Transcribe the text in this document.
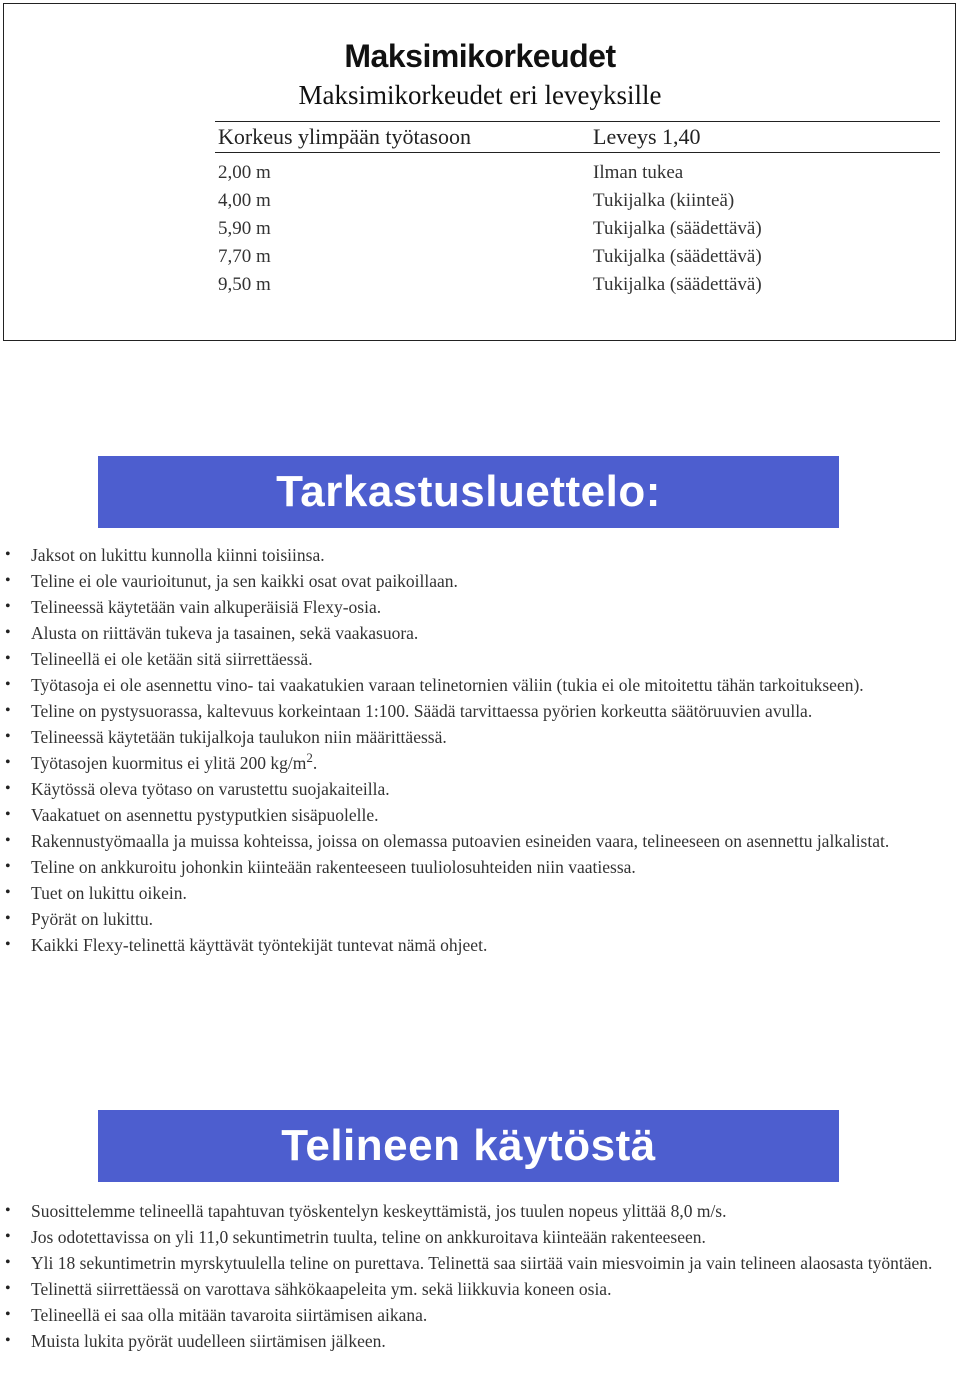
Maksimikorkeudet
Maksimikorkeudet eri leveyksille
Korkeus ylimpään työtasoon	Leveys 1,40
2,00 m	Ilman tukea
4,00 m	Tukijalka (kiinteä)
5,90 m	Tukijalka (säädettävä)
7,70 m	Tukijalka (säädettävä)
9,50 m	Tukijalka (säädettävä)
Tarkastusluettelo:
• Jaksot on lukittu kunnolla kiinni toisiinsa.
• Teline ei ole vaurioitunut, ja sen kaikki osat ovat paikoillaan.
• Telineessä käytetään vain alkuperäisiä Flexy-osia.
• Alusta on riittävän tukeva ja tasainen, sekä vaakasuora.
• Telineellä ei ole ketään sitä siirrettäessä.
• Työtasoja ei ole asennettu vino- tai vaakatukien varaan telinetornien väliin (tukia ei ole mitoitettu tähän tarkoitukseen).
• Teline on pystysuorassa, kaltevuus korkeintaan 1:100. Säädä tarvittaessa pyörien korkeutta säätöruuvien avulla.
• Telineessä käytetään tukijalkoja taulukon niin määrittäessä.
• Työtasojen kuormitus ei ylitä 200 $kg/m^2$.
• Käytössä oleva työtaso on varustettu suojakaiteilla.
• Vaakatuet on asennettu pystyputkien sisäpuolelle.
• Rakennustyömaalla ja muissa kohteissa, joissa on olemassa putoavien esineiden vaara, telineeseen on asennettu jalkalistat.
• Teline on ankkuroitu johonkin kiinteään rakenteeseen tuuliolosuhteiden niin vaatiessa.
• Tuet on lukittu oikein.
• Pyörät on lukittu.
• Kaikki Flexy-telinettä käyttävät työntekijät tuntevat nämä ohjeet.
Telineen käytöstä
• Suosittelemme telineellä tapahtuvan työskentelyn keskeyttämistä, jos tuulen nopeus ylittää 8,0 m/s.
• Jos odotettavissa on yli 11,0 sekuntimetrin tuulta, teline on ankkuroitava kiinteään rakenteeseen.
• Yli 18 sekuntimetrin myrskytuulella teline on purettava. Telinettä saa siirtää vain miesvoimin ja vain telineen alaosasta työntäen.
• Telinettä siirrettäessä on varottava sähkökaapeleita ym. sekä liikkuvia koneen osia.
• Telineellä ei saa olla mitään tavaroita siirtämisen aikana.
• Muista lukita pyörät uudelleen siirtämisen jälkeen.
